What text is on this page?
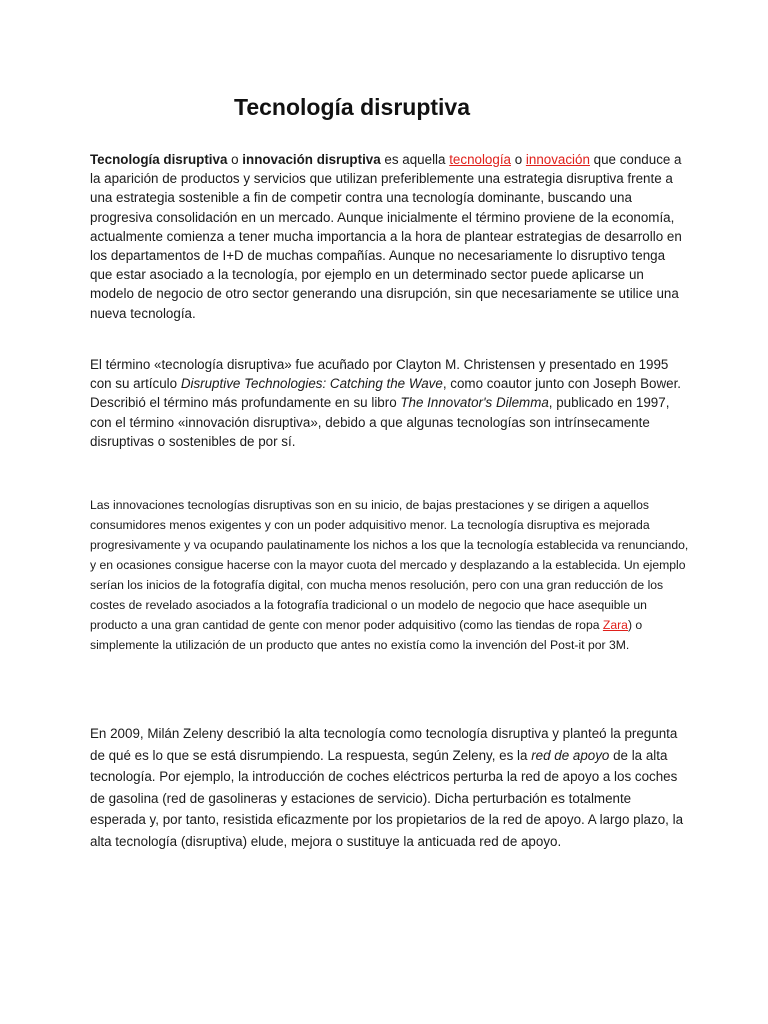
Tecnología disruptiva

Tecnología disruptiva o innovación disruptiva es aquella tecnología o innovación que conduce a la aparición de productos y servicios que utilizan preferiblemente una estrategia disruptiva frente a una estrategia sostenible a fin de competir contra una tecnología dominante, buscando una progresiva consolidación en un mercado. Aunque inicialmente el término proviene de la economía, actualmente comienza a tener mucha importancia a la hora de plantear estrategias de desarrollo en los departamentos de I+D de muchas compañías. Aunque no necesariamente lo disruptivo tenga que estar asociado a la tecnología, por ejemplo en un determinado sector puede aplicarse un modelo de negocio de otro sector generando una disrupción, sin que necesariamente se utilice una nueva tecnología.

El término «tecnología disruptiva» fue acuñado por Clayton M. Christensen y presentado en 1995 con su artículo Disruptive Technologies: Catching the Wave, como coautor junto con Joseph Bower. Describió el término más profundamente en su libro The Innovator's Dilemma, publicado en 1997, con el término «innovación disruptiva», debido a que algunas tecnologías son intrínsecamente disruptivas o sostenibles de por sí.

Las innovaciones tecnologías disruptivas son en su inicio, de bajas prestaciones y se dirigen a aquellos consumidores menos exigentes y con un poder adquisitivo menor. La tecnología disruptiva es mejorada progresivamente y va ocupando paulatinamente los nichos a los que la tecnología establecida va renunciando, y en ocasiones consigue hacerse con la mayor cuota del mercado y desplazando a la establecida. Un ejemplo serían los inicios de la fotografía digital, con mucha menos resolución, pero con una gran reducción de los costes de revelado asociados a la fotografía tradicional o un modelo de negocio que hace asequible un producto a una gran cantidad de gente con menor poder adquisitivo (como las tiendas de ropa Zara) o simplemente la utilización de un producto que antes no existía como la invención del Post-it por 3M.

En 2009, Milán Zeleny describió la alta tecnología como tecnología disruptiva y planteó la pregunta de qué es lo que se está disrumpiendo. La respuesta, según Zeleny, es la red de apoyo de la alta tecnología. Por ejemplo, la introducción de coches eléctricos perturba la red de apoyo a los coches de gasolina (red de gasolineras y estaciones de servicio). Dicha perturbación es totalmente esperada y, por tanto, resistida eficazmente por los propietarios de la red de apoyo. A largo plazo, la alta tecnología (disruptiva) elude, mejora o sustituye la anticuada red de apoyo.
